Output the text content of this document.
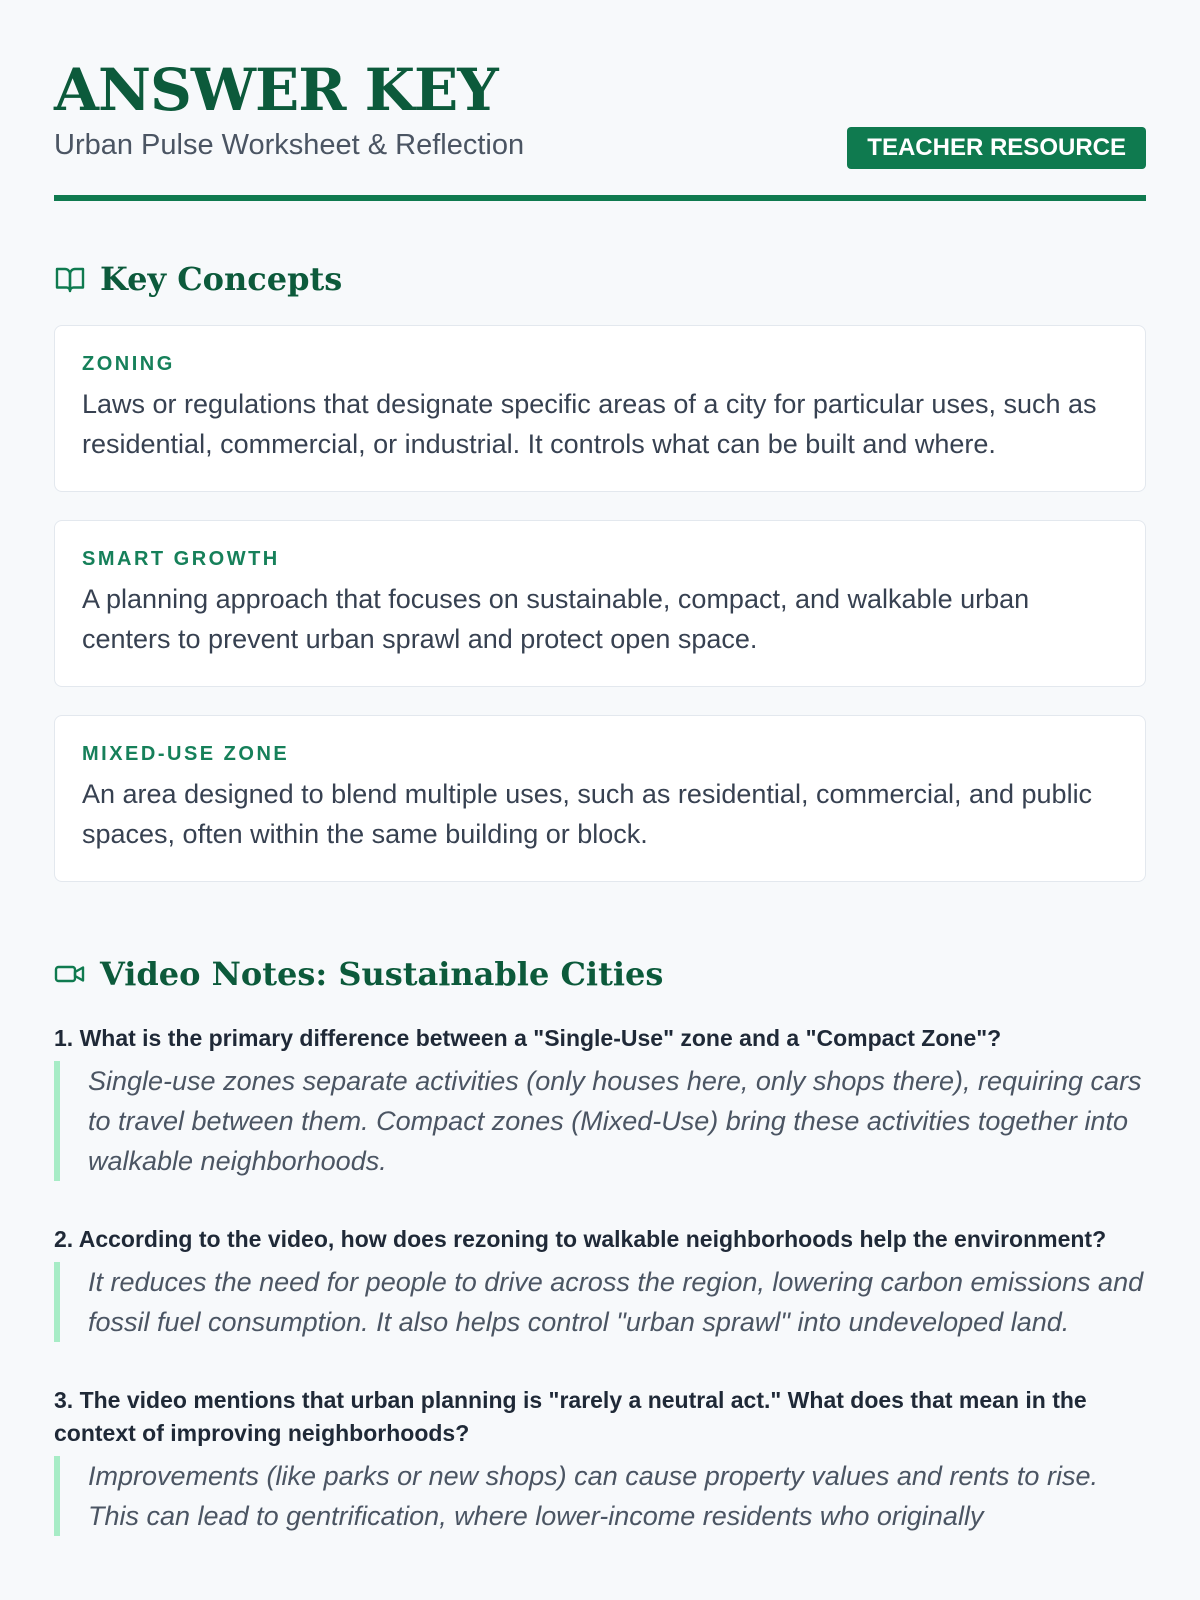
ANSWER KEY

Urban Pulse Worksheet & Reflection	TEACHER RESOURCE
Key Concepts

ZONING

Laws or regulations that designate specific areas of a city for particular uses, such as residential, commercial, or industrial. It controls what can be built and where.

SMART GROWTH

A planning approach that focuses on sustainable, compact, and walkable urban centers to prevent urban sprawl and protect open space.

MIXED-USE ZONE

An area designed to blend multiple uses, such as residential, commercial, and public spaces, often within the same building or block.

Video Notes: Sustainable Cities

1. What is the primary difference between a "Single-Use" zone and a "Compact Zone"?

Single-use zones separate activities (only houses here, only shops there), requiring cars to travel between them. Compact zones (Mixed-Use) bring these activities together into walkable neighborhoods.

2. According to the video, how does rezoning to walkable neighborhoods help the environment?

It reduces the need for people to drive across the region, lowering carbon emissions and fossil fuel consumption. It also helps control "urban sprawl" into undeveloped land.

3. The video mentions that urban planning is "rarely a neutral act." What does that mean in the context of improving neighborhoods?

Improvements (like parks or new shops) can cause property values and rents to rise. This can lead to gentrification, where lower-income residents who originally
